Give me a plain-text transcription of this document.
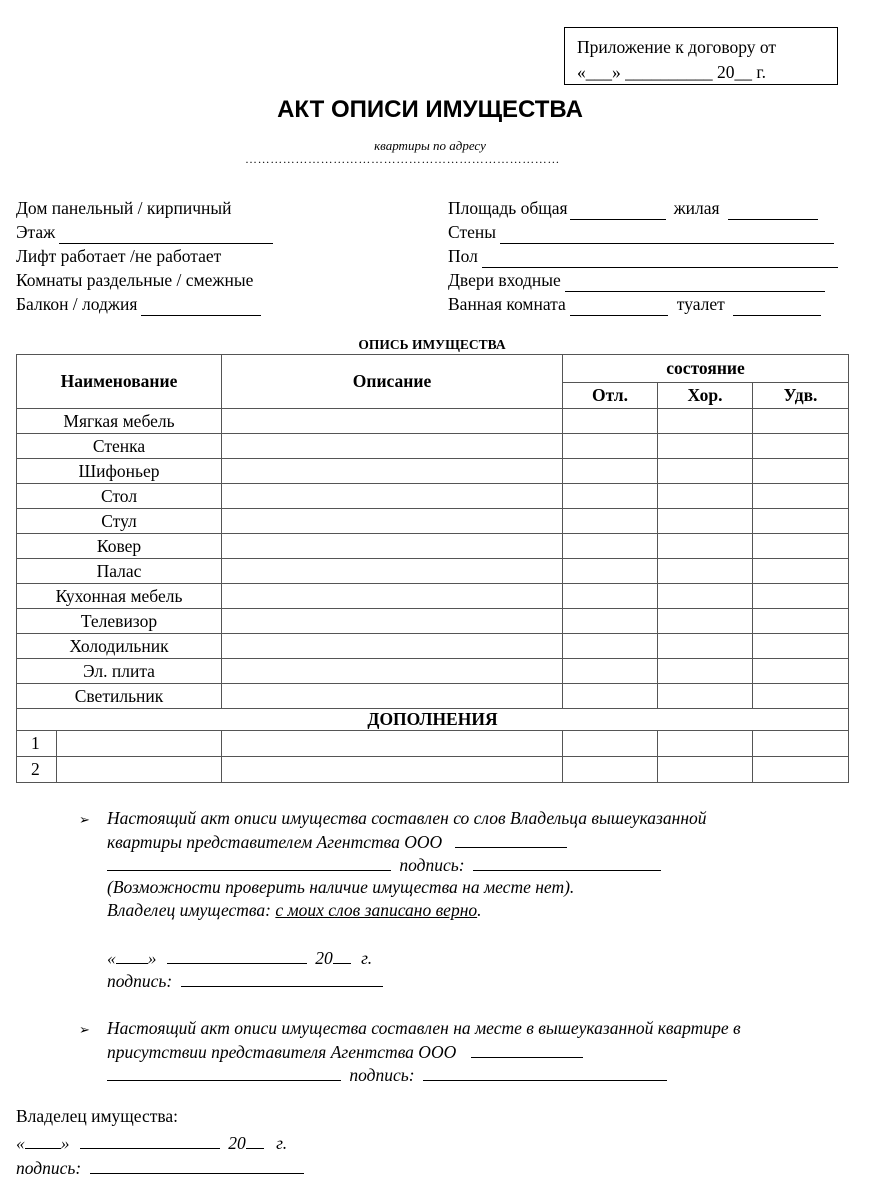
Приложение к договору от
«___» __________ 20__ г.
АКТ ОПИСИ ИМУЩЕСТВА
квартиры по адресу
…………………………………………………………………
Дом панельный / кирпичный
Этаж
Лифт работает /не работает
Комнаты раздельные / смежные
Балкон / лоджия
Площадь общая	жилая
Стены
Пол
Двери входные
Ванная комната	туалет
ОПИСЬ ИМУЩЕСТВА
Наименование		Описание	состояние		
			Отл.	Хор.	Удв.
Мягкая мебель					
Стенка					
Шифоньер					
Стол					
Стул					
Ковер					
Палас					
Кухонная мебель					
Телевизор					
Холодильник					
Эл. плита					
Светильник					
ДОПОЛНЕНИЯ					
1					
2					
➢ Настоящий акт описи имущества составлен со слов Владельца вышеуказанной
квартиры представителем Агентства ООО
подпись:
(Возможности проверить наличие имущества на месте нет).
Владелец имущества: с моих слов записано верно.
« »	20 г.
подпись:
➢ Настоящий акт описи имущества составлен на месте в вышеуказанной квартире в
присутствии представителя Агентства ООО
подпись:
Владелец имущества:
« »	20 г.
подпись:
